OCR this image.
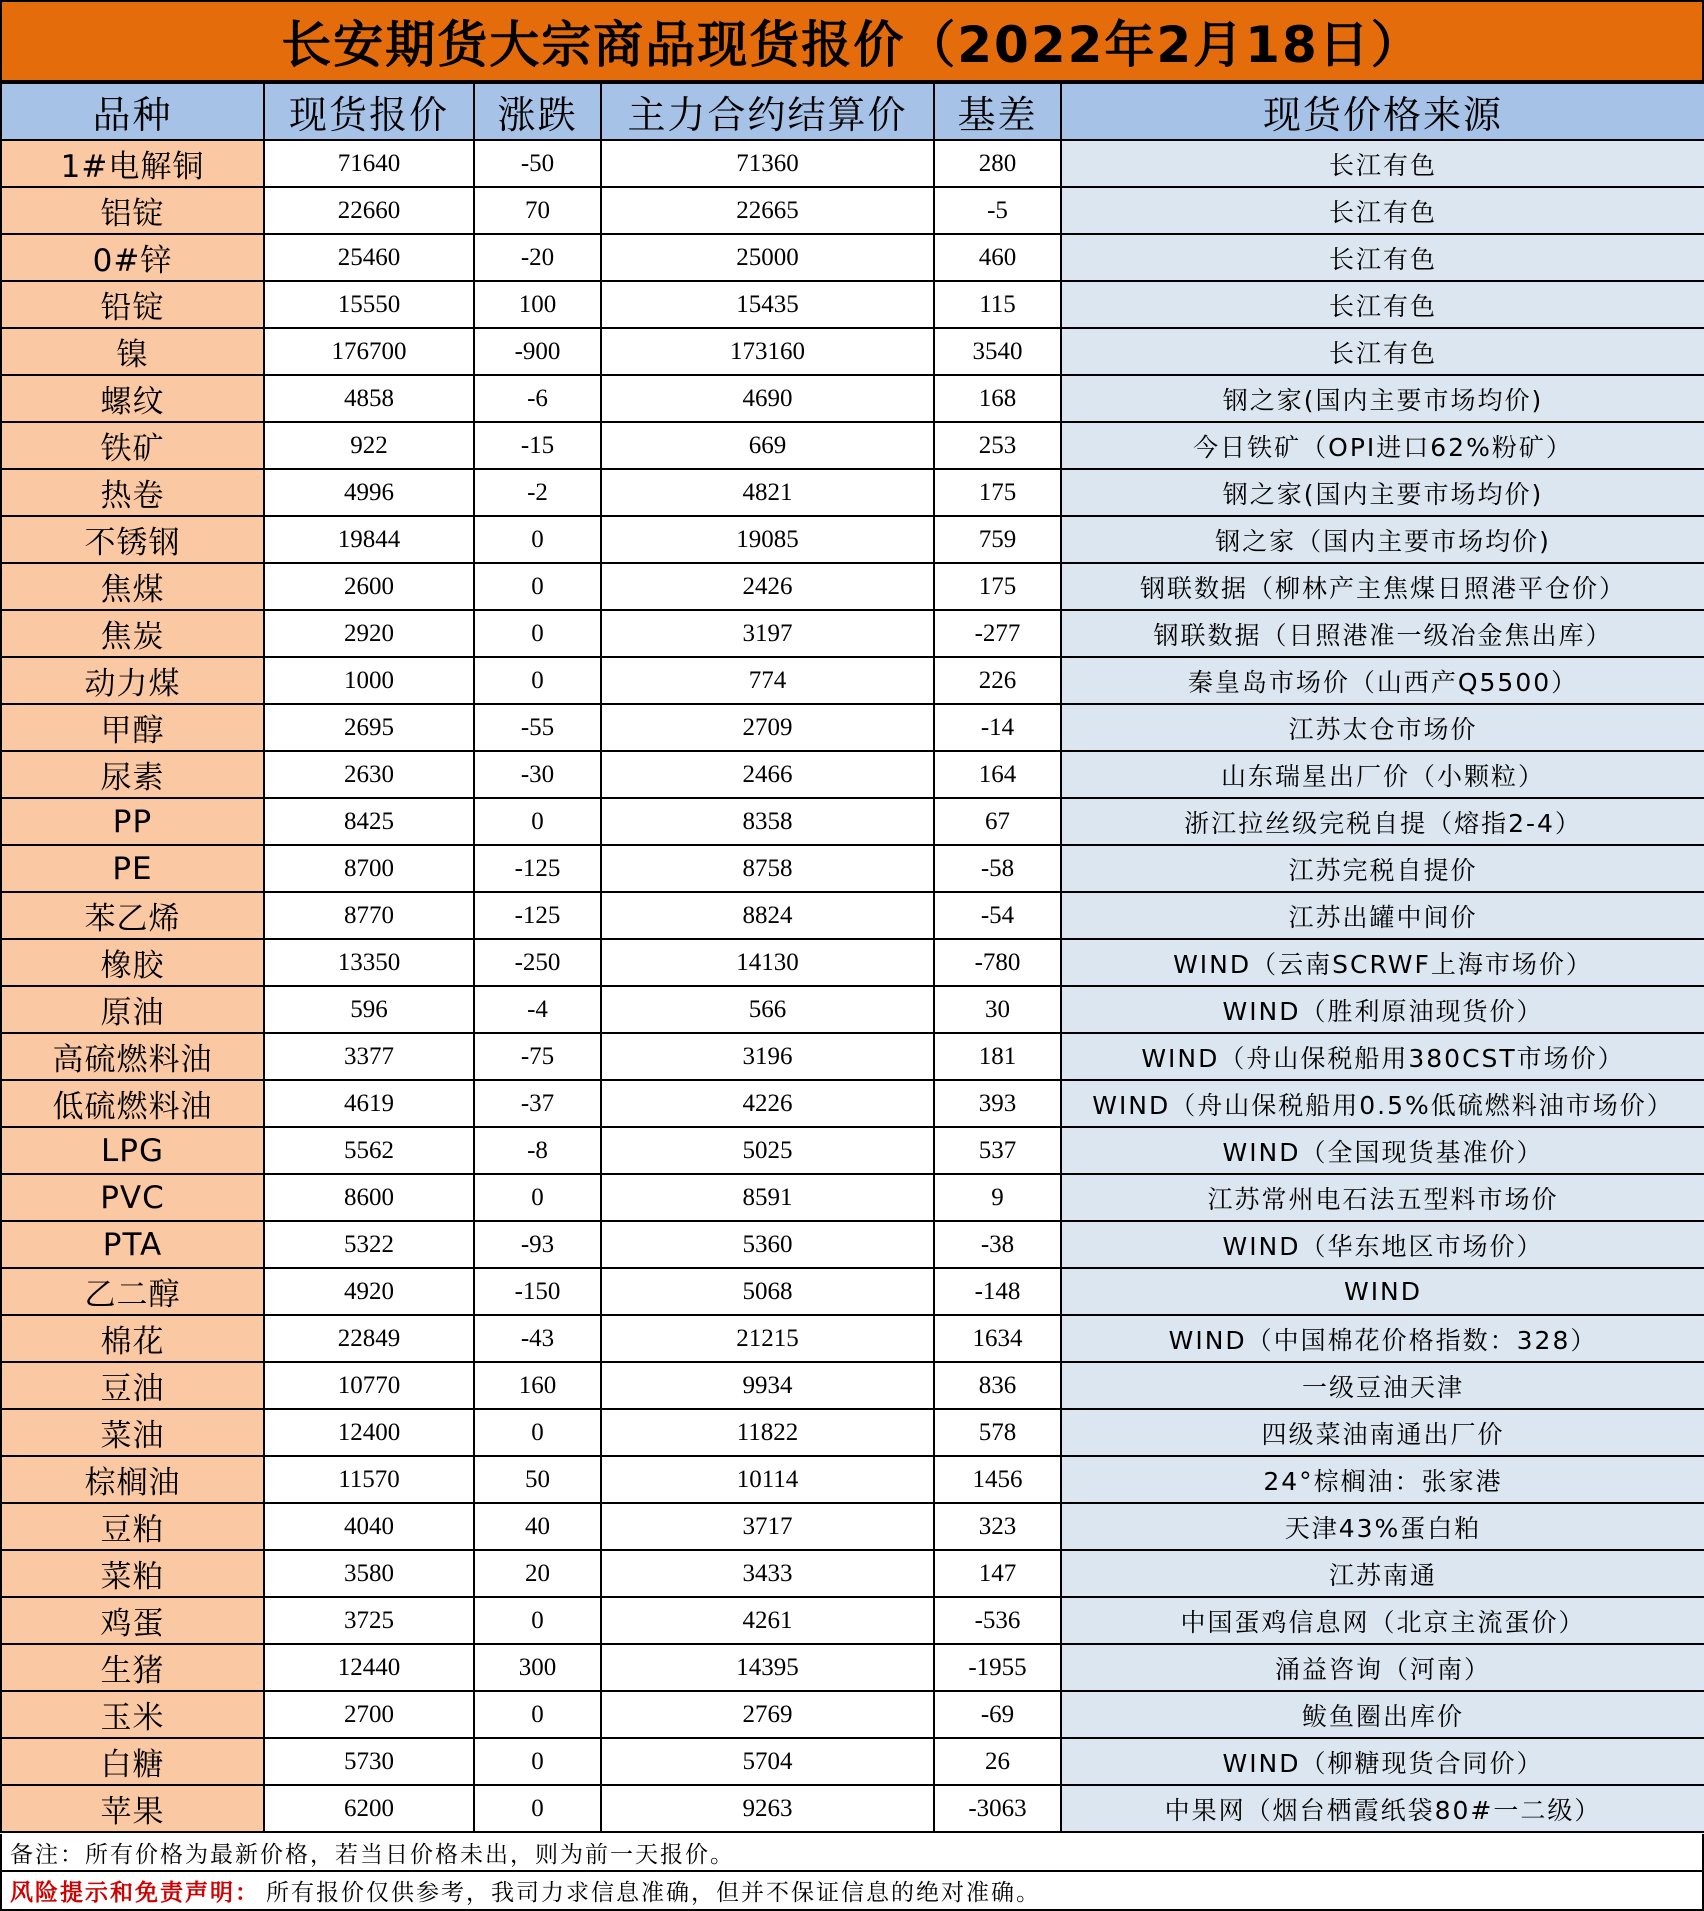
长安期货大宗商品现货报价（2022年2月18日）
品种	现货报价	涨跌	主力合约结算价	基差	现货价格来源
1#电解铜	71640	-50	71360	280	长江有色
铝锭	22660	70	22665	-5	长江有色
0#锌	25460	-20	25000	460	长江有色
铅锭	15550	100	15435	115	长江有色
镍	176700	-900	173160	3540	长江有色
螺纹	4858	-6	4690	168	钢之家(国内主要市场均价)
铁矿	922	-15	669	253	今日铁矿（OPI进口62%粉矿）
热卷	4996	-2	4821	175	钢之家(国内主要市场均价)
不锈钢	19844	0	19085	759	钢之家（国内主要市场均价)
焦煤	2600	0	2426	175	钢联数据（柳林产主焦煤日照港平仓价）
焦炭	2920	0	3197	-277	钢联数据（日照港准一级冶金焦出库）
动力煤	1000	0	774	226	秦皇岛市场价（山西产Q5500）
甲醇	2695	-55	2709	-14	江苏太仓市场价
尿素	2630	-30	2466	164	山东瑞星出厂价（小颗粒）
PP	8425	0	8358	67	浙江拉丝级完税自提（熔指2-4）
PE	8700	-125	8758	-58	江苏完税自提价
苯乙烯	8770	-125	8824	-54	江苏出罐中间价
橡胶	13350	-250	14130	-780	WIND（云南SCRWF上海市场价）
原油	596	-4	566	30	WIND（胜利原油现货价）
高硫燃料油	3377	-75	3196	181	WIND（舟山保税船用380CST市场价）
低硫燃料油	4619	-37	4226	393	WIND（舟山保税船用0.5%低硫燃料油市场价）
LPG	5562	-8	5025	537	WIND（全国现货基准价）
PVC	8600	0	8591	9	江苏常州电石法五型料市场价
PTA	5322	-93	5360	-38	WIND（华东地区市场价）
乙二醇	4920	-150	5068	-148	WIND
棉花	22849	-43	21215	1634	WIND（中国棉花价格指数：328）
豆油	10770	160	9934	836	一级豆油天津
菜油	12400	0	11822	578	四级菜油南通出厂价
棕榈油	11570	50	10114	1456	24°棕榈油：张家港
豆粕	4040	40	3717	323	天津43%蛋白粕
菜粕	3580	20	3433	147	江苏南通
鸡蛋	3725	0	4261	-536	中国蛋鸡信息网（北京主流蛋价）
生猪	12440	300	14395	-1955	涌益咨询（河南）
玉米	2700	0	2769	-69	鲅鱼圈出库价
白糖	5730	0	5704	26	WIND（柳糖现货合同价）
苹果	6200	0	9263	-3063	中果网（烟台栖霞纸袋80#一二级）
备注：所有价格为最新价格，若当日价格未出，则为前一天报价。
风险提示和免责声明： 所有报价仅供参考，我司力求信息准确，但并不保证信息的绝对准确。
